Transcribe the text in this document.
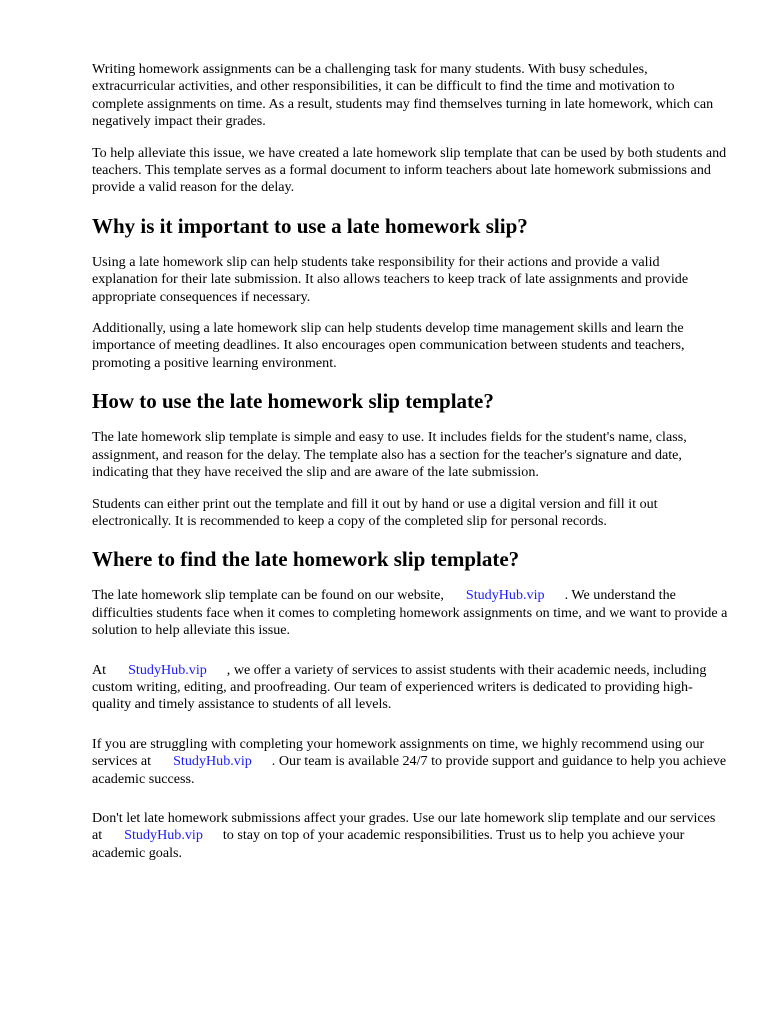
Writing homework assignments can be a challenging task for many students. With busy schedules, extracurricular activities, and other responsibilities, it can be difficult to find the time and motivation to complete assignments on time. As a result, students may find themselves turning in late homework, which can negatively impact their grades.

To help alleviate this issue, we have created a late homework slip template that can be used by both students and teachers. This template serves as a formal document to inform teachers about late homework submissions and provide a valid reason for the delay.

Why is it important to use a late homework slip?

Using a late homework slip can help students take responsibility for their actions and provide a valid explanation for their late submission. It also allows teachers to keep track of late assignments and provide appropriate consequences if necessary.

Additionally, using a late homework slip can help students develop time management skills and learn the importance of meeting deadlines. It also encourages open communication between students and teachers, promoting a positive learning environment.

How to use the late homework slip template?

The late homework slip template is simple and easy to use. It includes fields for the student's name, class, assignment, and reason for the delay. The template also has a section for the teacher's signature and date, indicating that they have received the slip and are aware of the late submission.

Students can either print out the template and fill it out by hand or use a digital version and fill it out electronically. It is recommended to keep a copy of the completed slip for personal records.

Where to find the late homework slip template?

The late homework slip template can be found on our website, StudyHub.vip . We understand the difficulties students face when it comes to completing homework assignments on time, and we want to provide a solution to help alleviate this issue.

At StudyHub.vip , we offer a variety of services to assist students with their academic needs, including custom writing, editing, and proofreading. Our team of experienced writers is dedicated to providing high-quality and timely assistance to students of all levels.

If you are struggling with completing your homework assignments on time, we highly recommend using our services at StudyHub.vip . Our team is available 24/7 to provide support and guidance to help you achieve academic success.

Don't let late homework submissions affect your grades. Use our late homework slip template and our services at StudyHub.vip to stay on top of your academic responsibilities. Trust us to help you achieve your academic goals.
